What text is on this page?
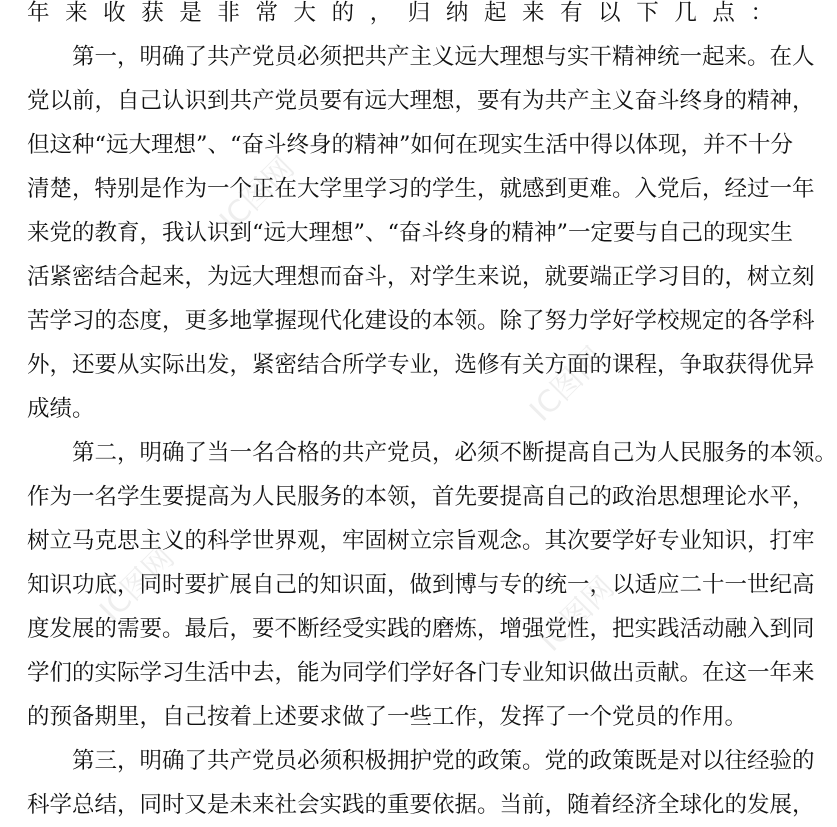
年来收获是非常大的，归纳起来有以下几点：
第一，明确了共产党员必须把共产主义远大理想与实干精神统一起来。在人
党以前，自己认识到共产党员要有远大理想，要有为共产主义奋斗终身的精神，
但这种“远大理想”、“奋斗终身的精神”如何在现实生活中得以体现，并不十分
清楚，特别是作为一个正在大学里学习的学生，就感到更难。入党后，经过一年
来党的教育，我认识到“远大理想”、“奋斗终身的精神”一定要与自己的现实生
活紧密结合起来，为远大理想而奋斗，对学生来说，就要端正学习目的，树立刻
苦学习的态度，更多地掌握现代化建设的本领。除了努力学好学校规定的各学科
外，还要从实际出发，紧密结合所学专业，选修有关方面的课程，争取获得优异
成绩。
第二，明确了当一名合格的共产党员，必须不断提高自己为人民服务的本领。
作为一名学生要提高为人民服务的本领，首先要提高自己的政治思想理论水平，
树立马克思主义的科学世界观，牢固树立宗旨观念。其次要学好专业知识，打牢
知识功底，同时要扩展自己的知识面，做到博与专的统一，以适应二十一世纪高
度发展的需要。最后，要不断经受实践的磨炼，增强党性，把实践活动融入到同
学们的实际学习生活中去，能为同学们学好各门专业知识做出贡献。在这一年来
的预备期里，自己按着上述要求做了一些工作，发挥了一个党员的作用。
第三，明确了共产党员必须积极拥护党的政策。党的政策既是对以往经验的
科学总结，同时又是未来社会实践的重要依据。当前，随着经济全球化的发展，
IC图网
IC图网
IC图网	IC图网
